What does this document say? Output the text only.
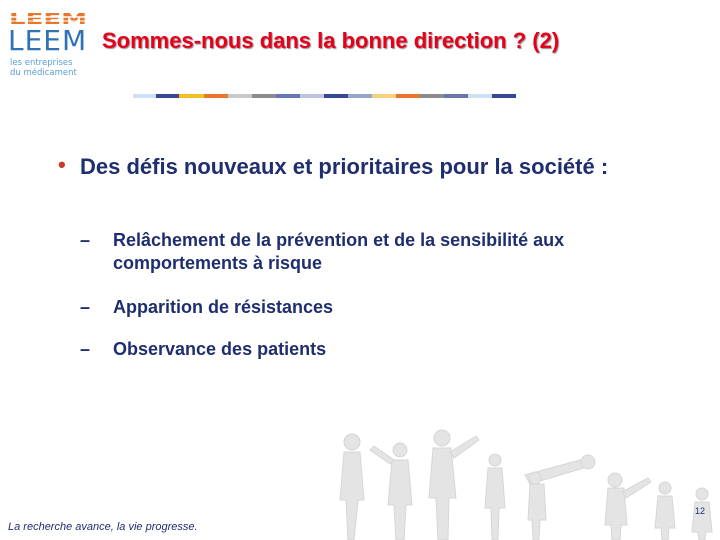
LEEM
LEEM
les entreprises
du médicament
Sommes-nous dans la bonne direction ? (2)
• Des défis nouveaux et prioritaires pour la société :
– Relâchement de la prévention et de la sensibilité aux comportements à risque
– Apparition de résistances
– Observance des patients
La recherche avance, la vie progresse.
12
